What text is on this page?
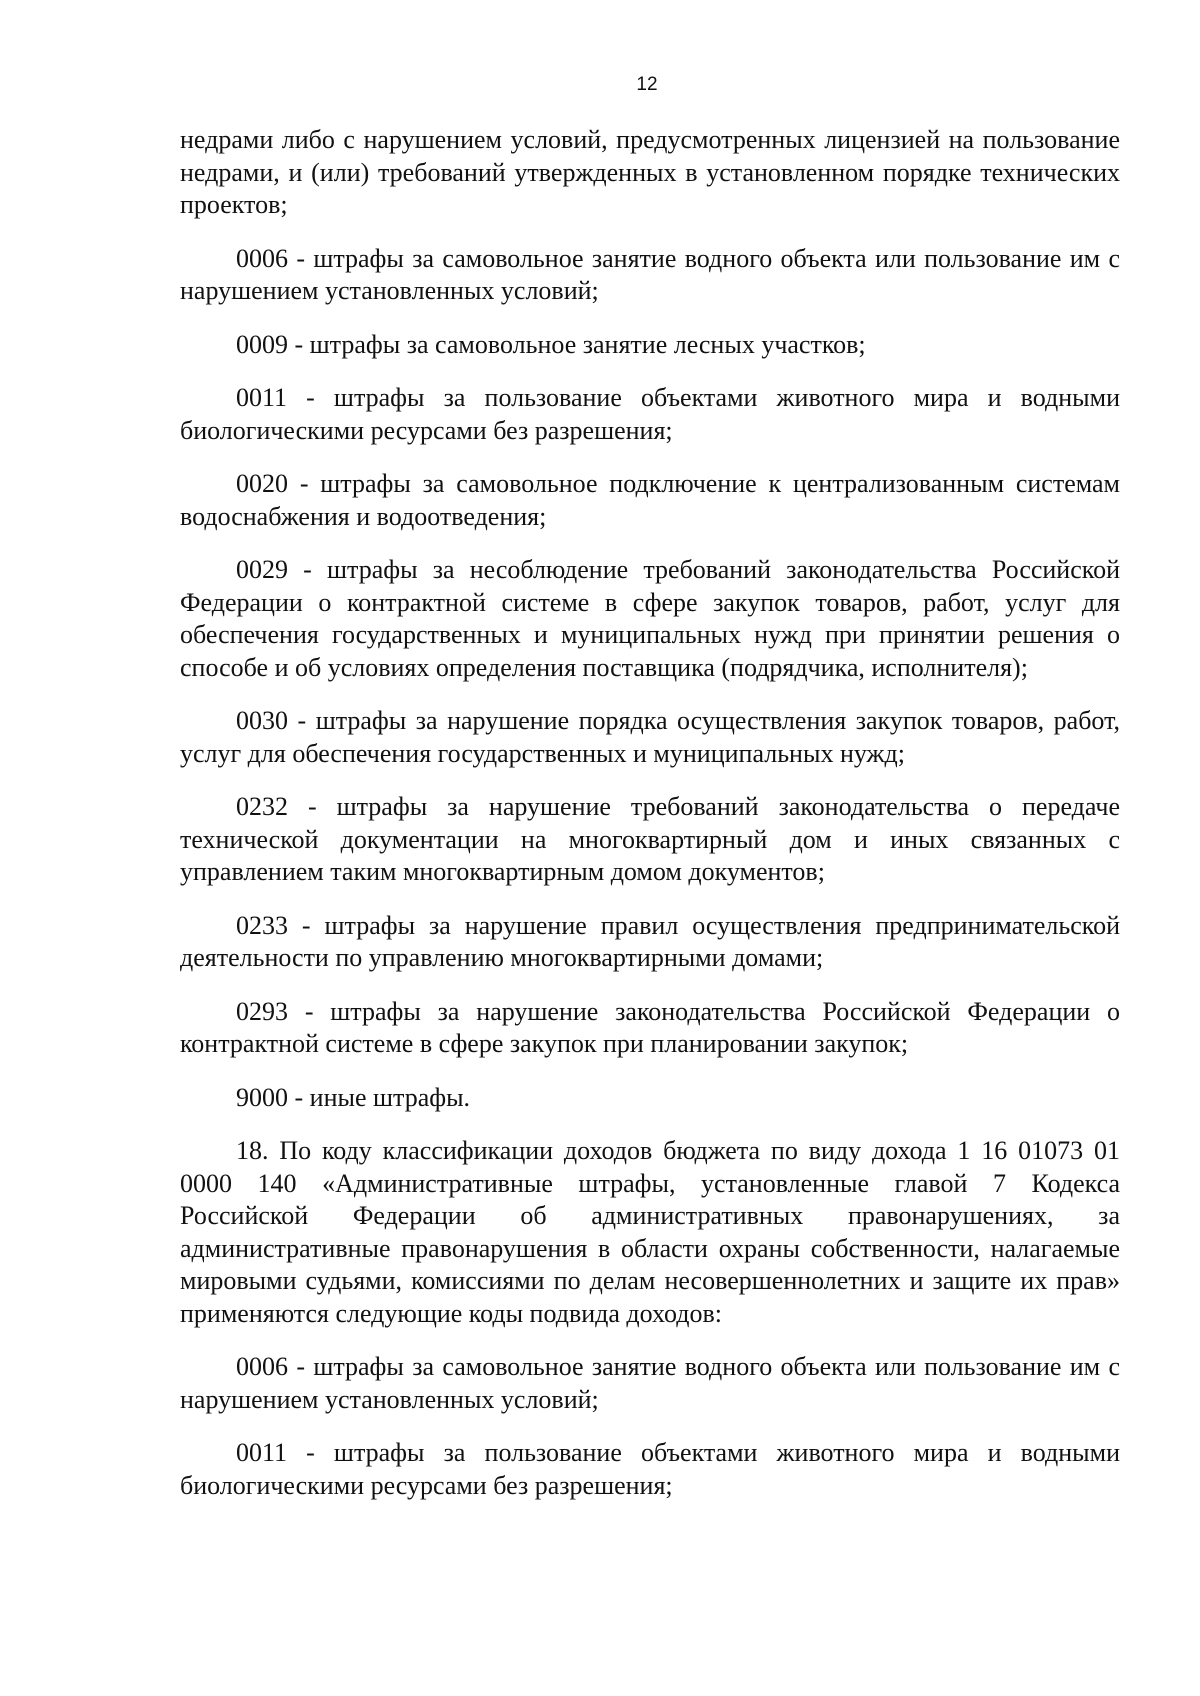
12

недрами либо с нарушением условий, предусмотренных лицензией на пользование недрами, и (или) требований утвержденных в установленном порядке технических проектов;

0006 - штрафы за самовольное занятие водного объекта или пользование им с нарушением установленных условий;

0009 - штрафы за самовольное занятие лесных участков;

0011 - штрафы за пользование объектами животного мира и водными биологическими ресурсами без разрешения;

0020 - штрафы за самовольное подключение к централизованным системам водоснабжения и водоотведения;

0029 - штрафы за несоблюдение требований законодательства Российской Федерации о контрактной системе в сфере закупок товаров, работ, услуг для обеспечения государственных и муниципальных нужд при принятии решения о способе и об условиях определения поставщика (подрядчика, исполнителя);

0030 - штрафы за нарушение порядка осуществления закупок товаров, работ, услуг для обеспечения государственных и муниципальных нужд;

0232 - штрафы за нарушение требований законодательства о передаче технической документации на многоквартирный дом и иных связанных с управлением таким многоквартирным домом документов;

0233 - штрафы за нарушение правил осуществления предпринимательской деятельности по управлению многоквартирными домами;

0293 - штрафы за нарушение законодательства Российской Федерации о контрактной системе в сфере закупок при планировании закупок;

9000 - иные штрафы.

18. По коду классификации доходов бюджета по виду дохода 1 16 01073 01 0000 140 «Административные штрафы, установленные главой 7 Кодекса Российской Федерации об административных правонарушениях, за административные правонарушения в области охраны собственности, налагаемые мировыми судьями, комиссиями по делам несовершеннолетних и защите их прав» применяются следующие коды подвида доходов:

0006 - штрафы за самовольное занятие водного объекта или пользование им с нарушением установленных условий;

0011 - штрафы за пользование объектами животного мира и водными биологическими ресурсами без разрешения;
